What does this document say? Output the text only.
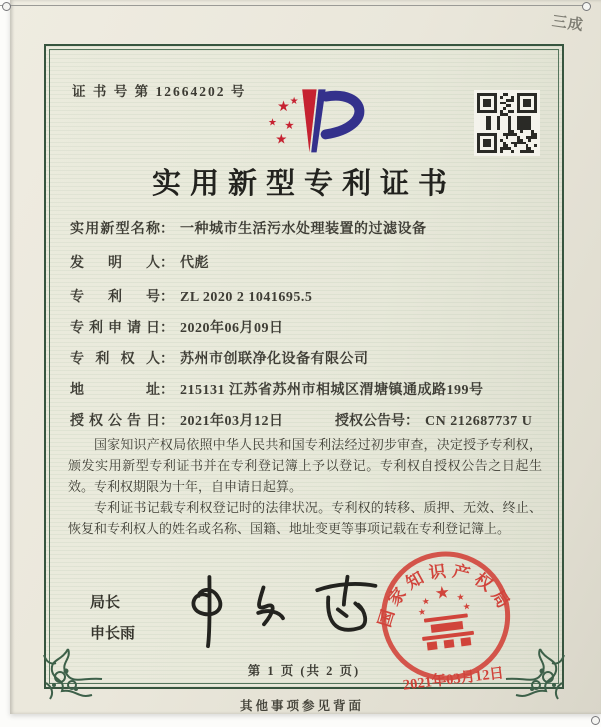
三成
证 书 号 第 12664202 号
★ ★
★ ★
★
实用新型专利证书
实用新型名称： 一种城市生活污水处理装置的过滤设备
发明人： 代彪
专利号： ZL 2020 2 1041695.5
专利申请日： 2020年06月09日
专利权人： 苏州市创联净化设备有限公司
地址： 215131 江苏省苏州市相城区渭塘镇通成路199号
授权公告日： 2021年03月12日	授权公告号： CN 212687737 U

国家知识产权局依照中华人民共和国专利法经过初步审查，决定授予专利权，颁发实用新型专利证书并在专利登记簿上予以登记。专利权自授权公告之日起生效。专利权期限为十年，自申请日起算。

专利证书记载专利权登记时的法律状况。专利权的转移、质押、无效、终止、恢复和专利权人的姓名或名称、国籍、地址变更等事项记载在专利登记簿上。

局长
申长雨
国家知识产权局
★
★	★
★
★
2021年03月12日
第 1 页 (共 2 页)
其他事项参见背面
